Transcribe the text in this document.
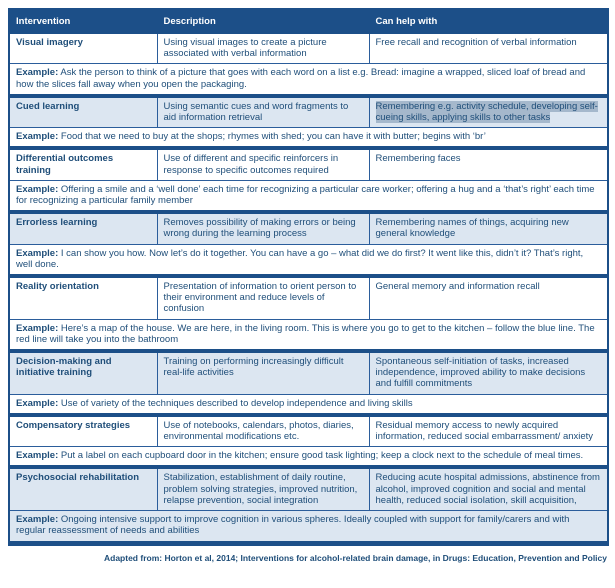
Intervention	Description	Can help with
Visual imagery	Using visual images to create a picture associated with verbal information	Free recall and recognition of verbal information
Example: Ask the person to think of a picture that goes with each word on a list e.g. Bread: imagine a wrapped, sliced loaf of bread and how the slices fall away when you open the packaging.		
Cued learning	Using semantic cues and word fragments to aid information retrieval	Remembering e.g. activity schedule, developing self-cueing skills, applying skills to other tasks
Example: Food that we need to buy at the shops; rhymes with shed; you can have it with butter; begins with ‘br’		
Differential outcomes training	Use of different and specific reinforcers in response to specific outcomes required	Remembering faces
Example: Offering a smile and a ‘well done’ each time for recognizing a particular care worker; offering a hug and a ‘that’s right’ each time for recognizing a particular family member		
Errorless learning	Removes possibility of making errors or being wrong during the learning process	Remembering names of things, acquiring new general knowledge
Example: I can show you how. Now let’s do it together. You can have a go – what did we do first? It went like this, didn’t it? That’s right, well done.		
Reality orientation	Presentation of information to orient person to their environment and reduce levels of confusion	General memory and information recall
Example: Here’s a map of the house. We are here, in the living room. This is where you go to get to the kitchen – follow the blue line. The red line will take you into the bathroom		
Decision-making and initiative training	Training on performing increasingly difficult real-life activities	Spontaneous self-initiation of tasks, increased independence, improved ability to make decisions and fulfill commitments
Example: Use of variety of the techniques described to develop independence and living skills		
Compensatory strategies	Use of notebooks, calendars, photos, diaries, environmental modifications etc.	Residual memory access to newly acquired information, reduced social embarrassment/ anxiety
Example: Put a label on each cupboard door in the kitchen; ensure good task lighting; keep a clock next to the schedule of meal times.		
Psychosocial rehabilitation	Stabilization, establishment of daily routine, problem solving strategies, improved nutrition, relapse prevention, social integration	Reducing acute hospital admissions, abstinence from alcohol, improved cognition and social and mental health, reduced social isolation, skill acquisition,
Example: Ongoing intensive support to improve cognition in various spheres. Ideally coupled with support for family/carers and with regular reassessment of needs and abilities		
Adapted from: Horton et al, 2014; Interventions for alcohol-related brain damage, in Drugs: Education, Prevention and Policy
